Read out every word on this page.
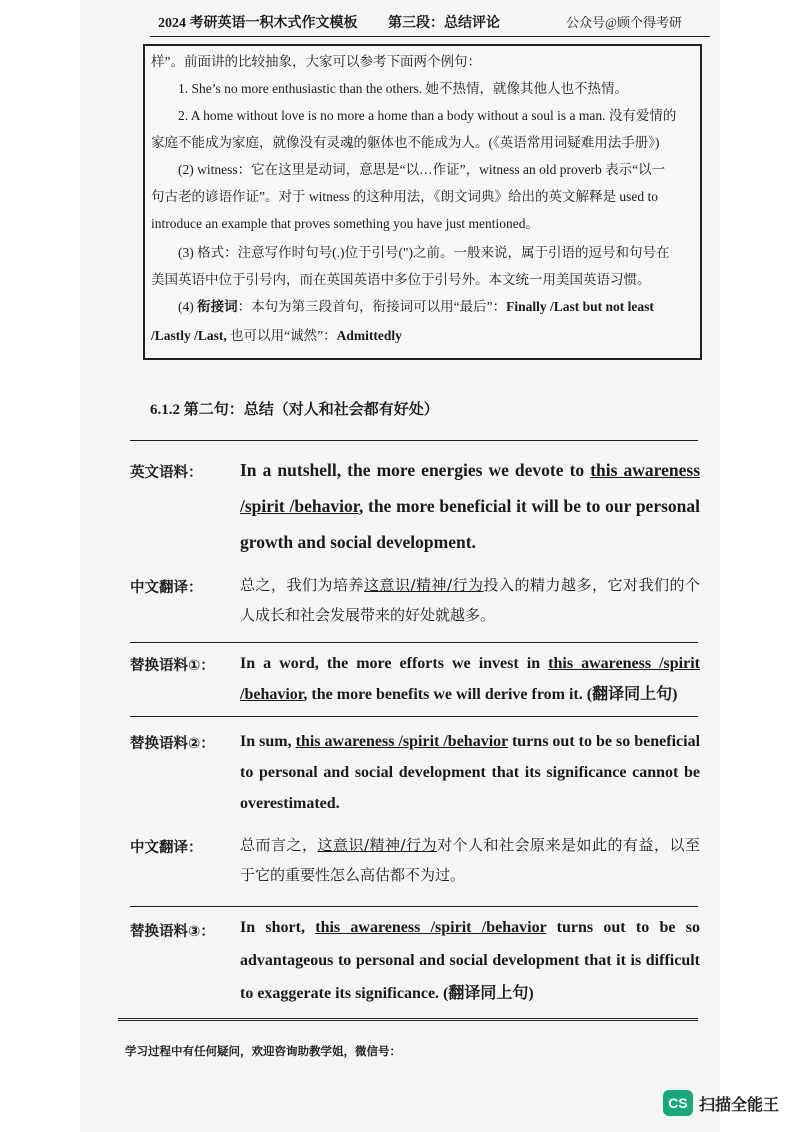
2024 考研英语一积木式作文模板 第三段：总结评论	公众号@顾个得考研

样”。前面讲的比较抽象，大家可以参考下面两个例句：

1. She’s no more enthusiastic than the others. 她不热情，就像其他人也不热情。

2. A home without love is no more a home than a body without a soul is a man. 没有爱情的

家庭不能成为家庭，就像没有灵魂的躯体也不能成为人。(《英语常用词疑难用法手册》)

(2) witness：它在这里是动词，意思是“以…作证”，witness an old proverb 表示“以一

句古老的谚语作证”。对于 witness 的这种用法，《朗文词典》给出的英文解释是 used to

introduce an example that proves something you have just mentioned。

(3) 格式：注意写作时句号(.)位于引号(")之前。一般来说，属于引语的逗号和句号在

美国英语中位于引号内，而在英国英语中多位于引号外。本文统一用美国英语习惯。

(4) 衔接词：本句为第三段首句，衔接词可以用“最后”：Finally /Last but not least

/Lastly /Last, 也可以用“诚然”：Admittedly

6.1.2 第二句：总结（对人和社会都有好处）
英文语料：	In a nutshell, the more energies we devote to this awareness /spirit /behavior, the more beneficial it will be to our personal growth and social development.
中文翻译：	总之，我们为培养这意识/精神/行为投入的精力越多，它对我们的个人成长和社会发展带来的好处就越多。
替换语料①：	In a word, the more efforts we invest in this awareness /spirit /behavior, the more benefits we will derive from it. (翻译同上句)
替换语料②：	In sum, this awareness /spirit /behavior turns out to be so beneficial to personal and social development that its significance cannot be overestimated.
中文翻译：	总而言之，这意识/精神/行为对个人和社会原来是如此的有益，以至于它的重要性怎么高估都不为过。
替换语料③：	In short, this awareness /spirit /behavior turns out to be so advantageous to personal and social development that it is difficult to exaggerate its significance. (翻译同上句)
学习过程中有任何疑问，欢迎咨询助教学姐，微信号：
CS 扫描全能王
